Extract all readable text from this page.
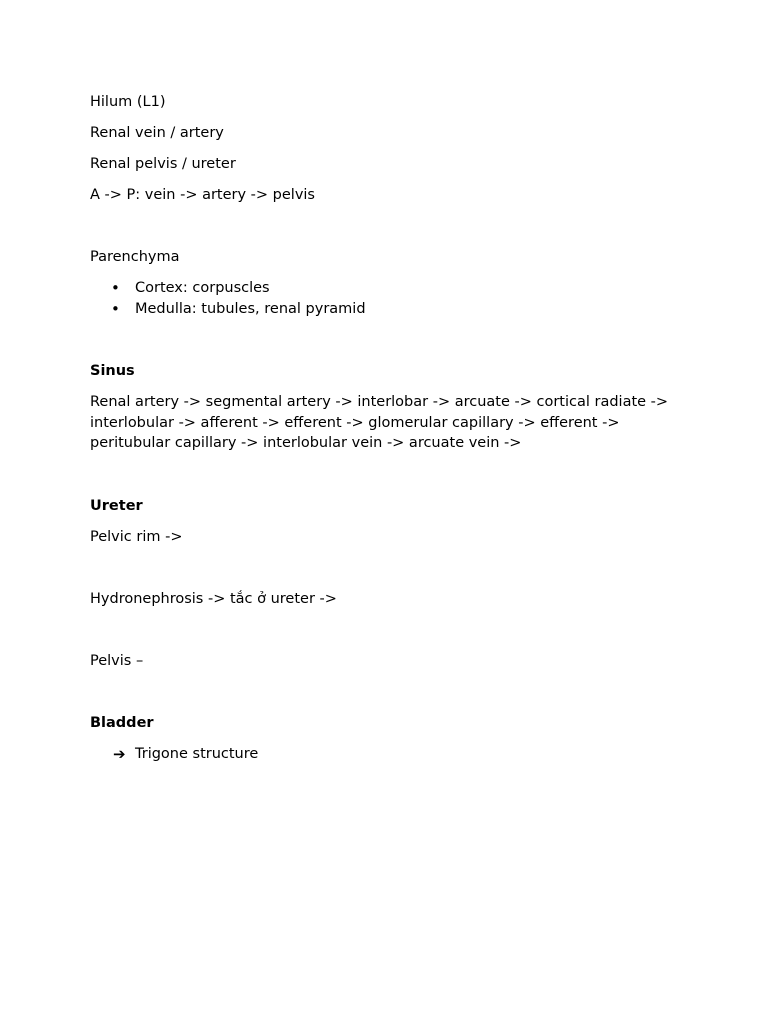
Hilum (L1)

Renal vein / artery

Renal pelvis / ureter

A -> P: vein -> artery -> pelvis

Parenchyma

• Cortex: corpuscles
• Medulla: tubules, renal pyramid

Sinus

Renal artery -> segmental artery -> interlobar -> arcuate -> cortical radiate -> interlobular -> afferent -> efferent -> glomerular capillary -> efferent -> peritubular capillary -> interlobular vein -> arcuate vein ->

Ureter

Pelvic rim ->

Hydronephrosis -> tắc ở ureter ->

Pelvis –

Bladder

➔ Trigone structure
